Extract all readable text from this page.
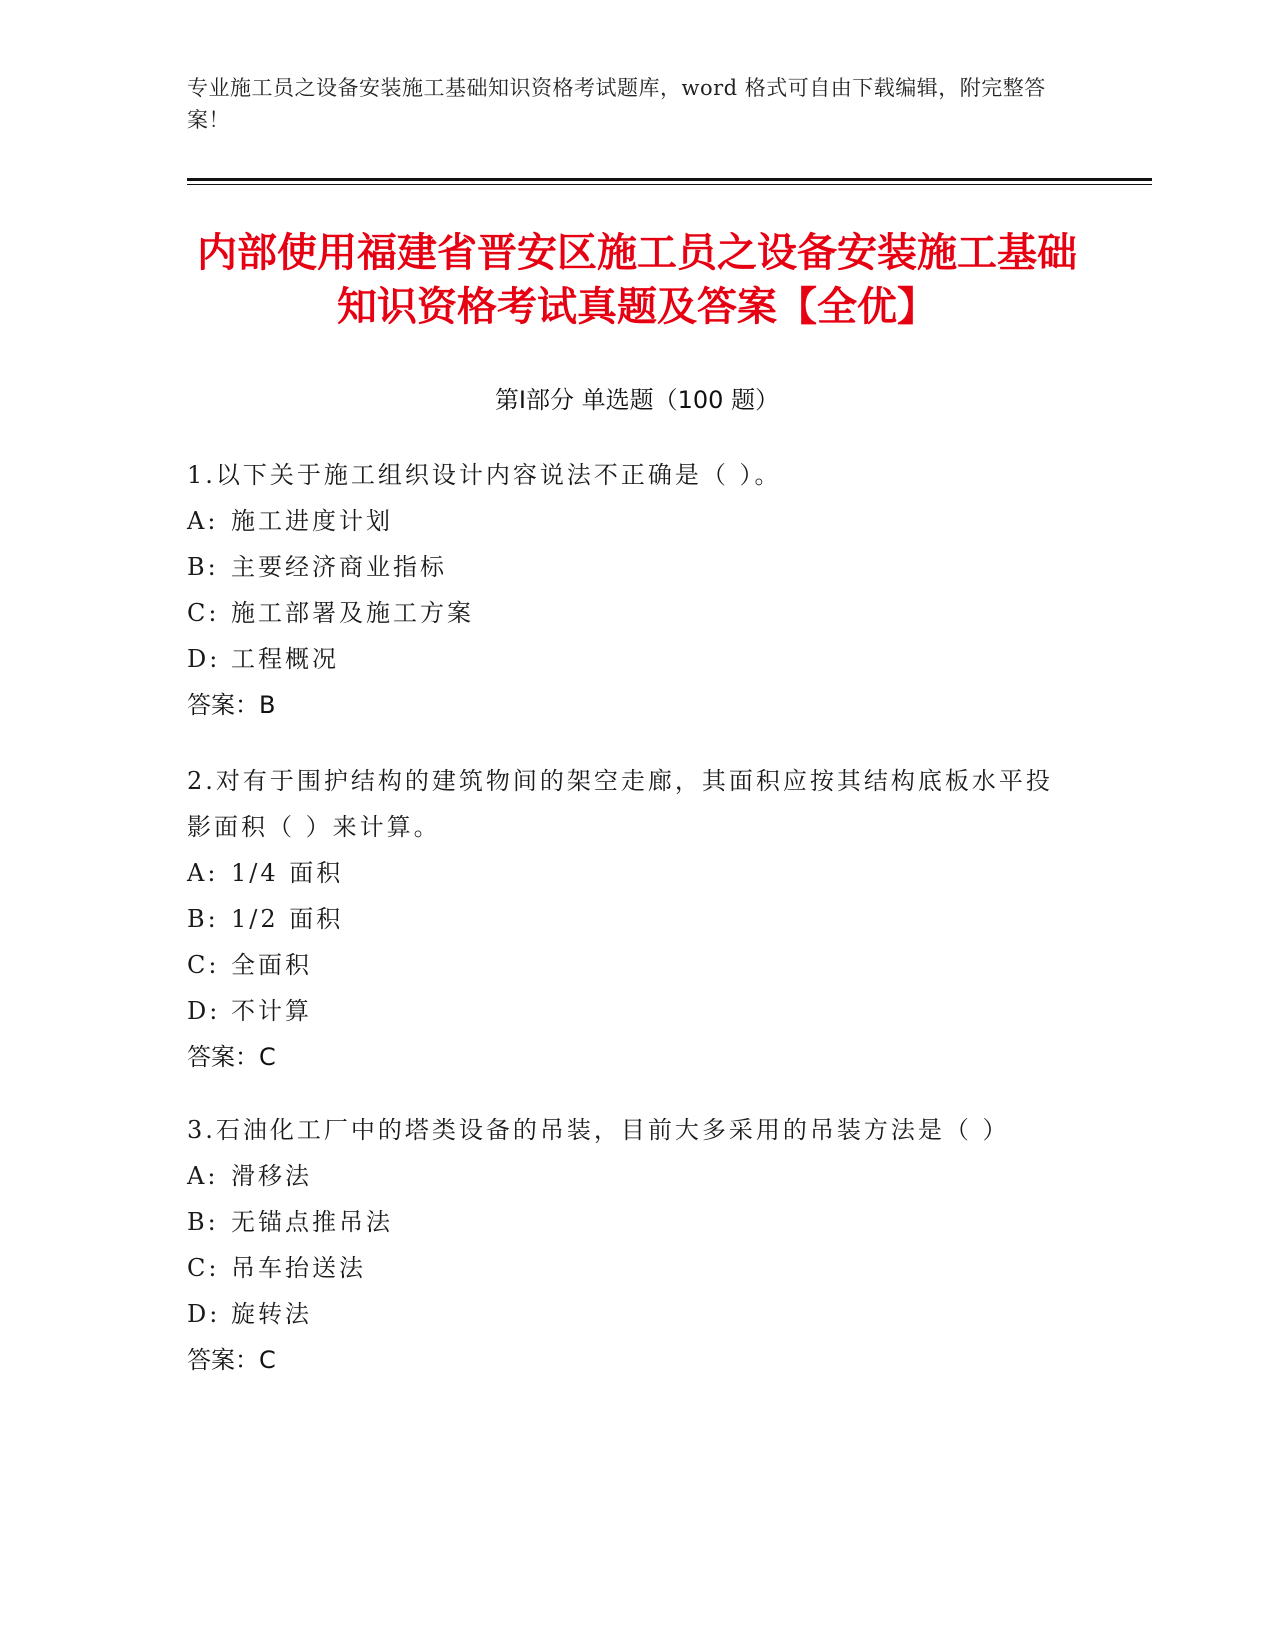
专业施工员之设备安装施工基础知识资格考试题库，word 格式可自由下载编辑，附完整答案！
内部使用福建省晋安区施工员之设备安装施工基础知识资格考试真题及答案【全优】
第Ⅰ部分 单选题（100 题）
1.以下关于施工组织设计内容说法不正确是（ ）。
A: 施工进度计划
B: 主要经济商业指标
C: 施工部署及施工方案
D: 工程概况
答案：B
2.对有于围护结构的建筑物间的架空走廊，其面积应按其结构底板水平投影面积（ ）来计算。
A: 1/4 面积
B: 1/2 面积
C: 全面积
D: 不计算
答案：C
3.石油化工厂中的塔类设备的吊装，目前大多采用的吊装方法是（ ）
A: 滑移法
B: 无锚点推吊法
C: 吊车抬送法
D: 旋转法
答案：C
